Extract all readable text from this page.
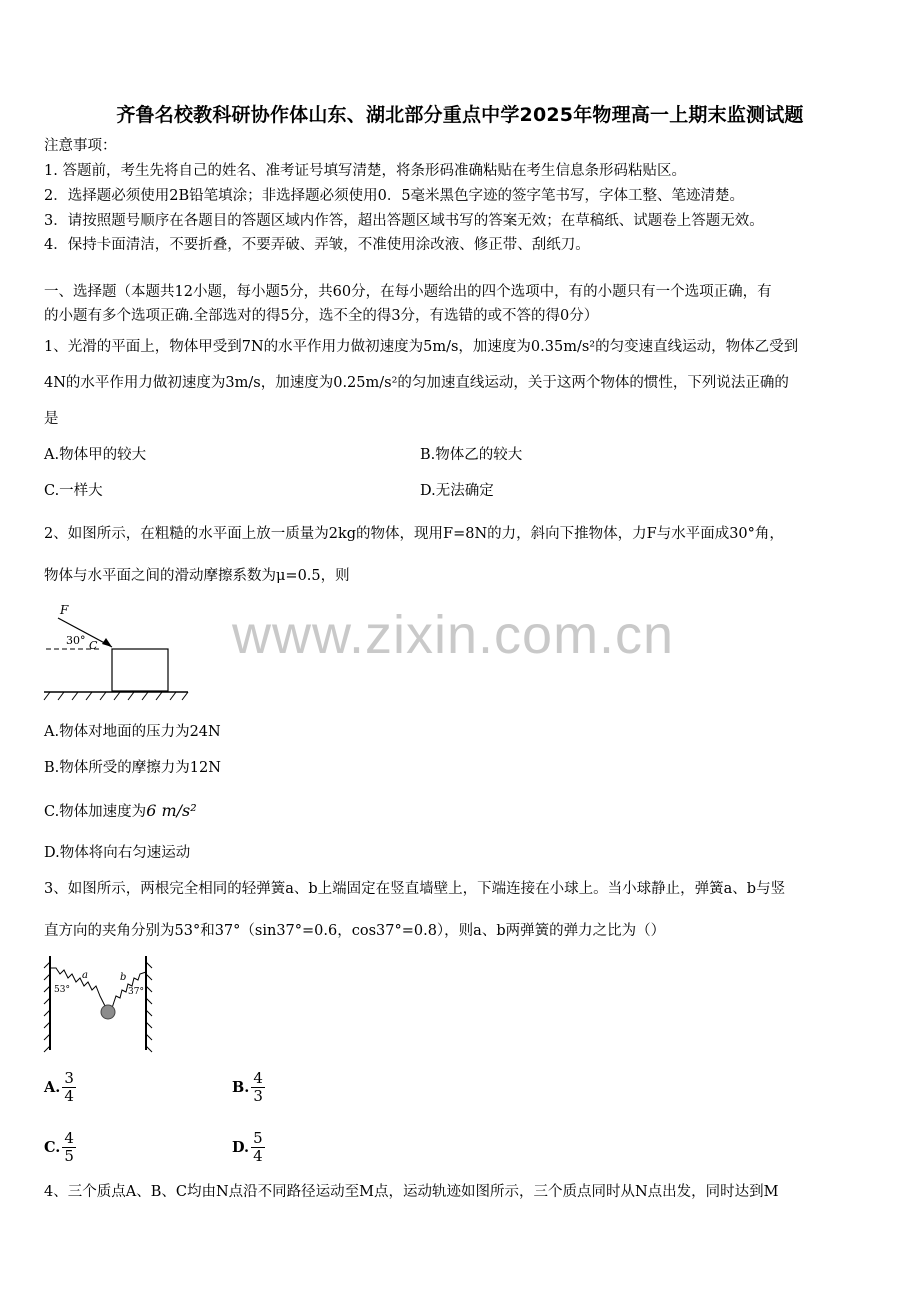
齐鲁名校教科研协作体山东、湖北部分重点中学2025年物理高一上期末监测试题
注意事项：
1. 答题前，考生先将自己的姓名、准考证号填写清楚，将条形码准确粘贴在考生信息条形码粘贴区。
2．选择题必须使用2B铅笔填涂；非选择题必须使用0．5毫米黑色字迹的签字笔书写，字体工整、笔迹清楚。
3．请按照题号顺序在各题目的答题区域内作答，超出答题区域书写的答案无效；在草稿纸、试题卷上答题无效。
4．保持卡面清洁，不要折叠，不要弄破、弄皱，不准使用涂改液、修正带、刮纸刀。
一、选择题（本题共12小题，每小题5分，共60分，在每小题给出的四个选项中，有的小题只有一个选项正确，有
的小题有多个选项正确.全部选对的得5分，选不全的得3分，有选错的或不答的得0分）
1、光滑的平面上，物体甲受到7N的水平作用力做初速度为5m/s，加速度为0.35m/s²的匀变速直线运动，物体乙受到
4N的水平作用力做初速度为3m/s，加速度为0.25m/s²的匀加速直线运动，关于这两个物体的惯性，下列说法正确的
是
A.物体甲的较大	B.物体乙的较大
C.一样大	D.无法确定
2、如图所示，在粗糙的水平面上放一质量为2kg的物体，现用F=8N的力，斜向下推物体，力F与水平面成30°角，
物体与水平面之间的滑动摩擦系数为μ=0.5，则
F
30° C
A.物体对地面的压力为24N
B.物体所受的摩擦力为12N
C.物体加速度为6 m/s²
D.物体将向右匀速运动
3、如图所示，两根完全相同的轻弹簧a、b上端固定在竖直墙壁上，下端连接在小球上。当小球静止，弹簧a、b与竖
直方向的夹角分别为53°和37°（sin37°=0.6，cos37°=0.8），则a、b两弹簧的弹力之比为（）
a	b
53°	37°
A. $\frac{3}{4}$	B. $\frac{4}{3}$
C. $\frac{4}{5}$	D. $\frac{5}{4}$
4、三个质点A、B、C均由N点沿不同路径运动至M点，运动轨迹如图所示，三个质点同时从N点出发，同时达到M
www.zixin.com.cn
